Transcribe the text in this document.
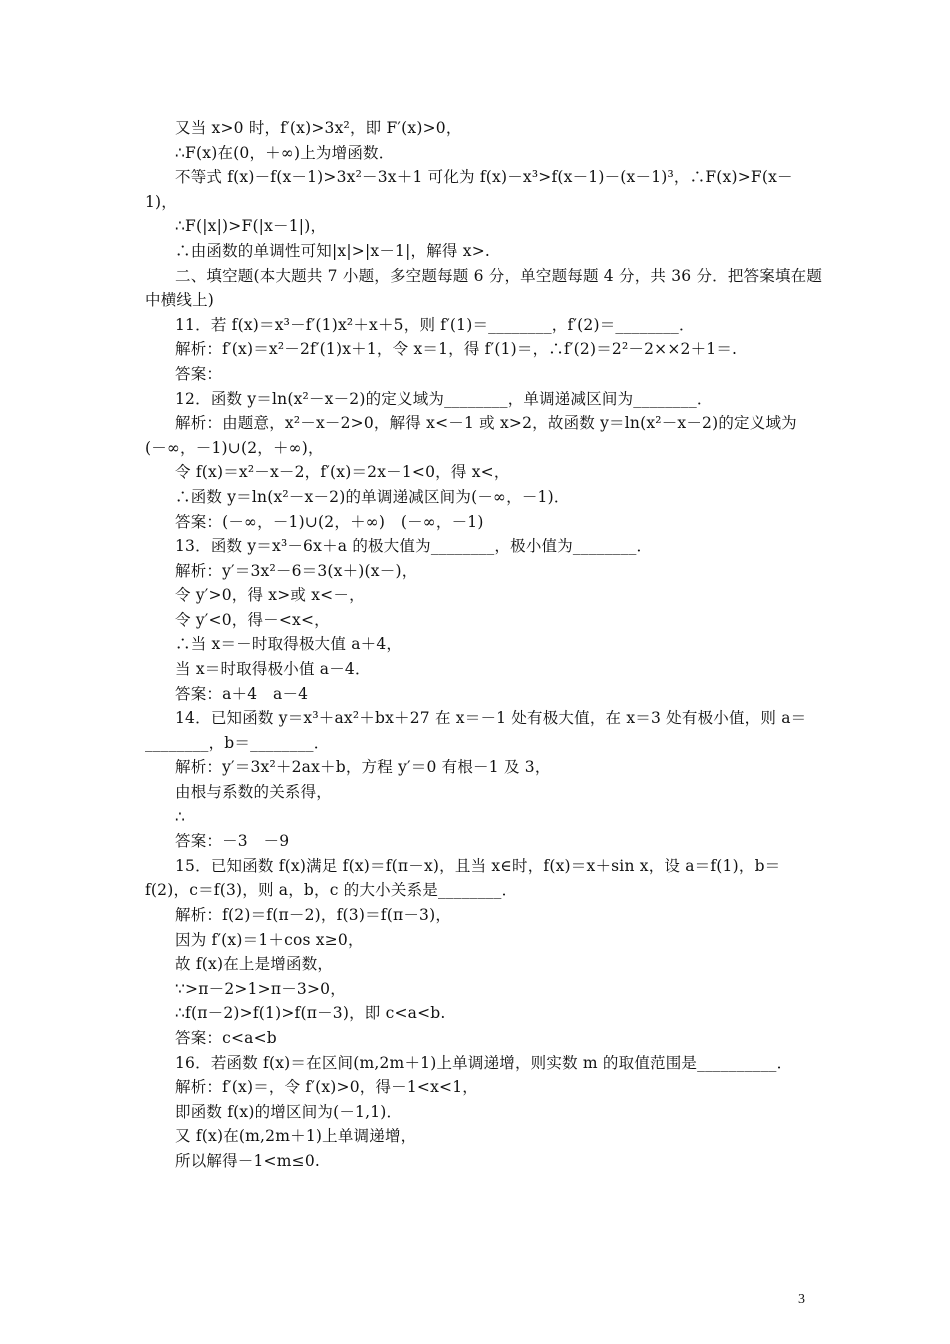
又当 x>0 时，f′(x)>3x²，即 F′(x)>0，
∴F(x)在(0，＋∞)上为增函数．
不等式 f(x)－f(x－1)>3x²－3x＋1 可化为 f(x)－x³>f(x－1)－(x－1)³，∴F(x)>F(x－
1)，
∴F(|x|)>F(|x－1|)，
∴由函数的单调性可知|x|>|x－1|，解得 x>.
二、填空题(本大题共 7 小题，多空题每题 6 分，单空题每题 4 分，共 36 分．把答案填在题
中横线上)
11．若 f(x)＝x³－f′(1)x²＋x＋5，则 f′(1)＝________，f′(2)＝________．
解析：f′(x)＝x²－2f′(1)x＋1，令 x＝1，得 f′(1)＝，∴f′(2)＝2²－2××2＋1＝.
答案：
12．函数 y＝ln(x²－x－2)的定义域为________，单调递减区间为________．
解析：由题意，x²－x－2>0，解得 x<－1 或 x>2，故函数 y＝ln(x²－x－2)的定义域为
(－∞，－1)∪(2，＋∞)，
令 f(x)＝x²－x－2，f′(x)＝2x－1<0，得 x<，
∴函数 y＝ln(x²－x－2)的单调递减区间为(－∞，－1)．
答案：(－∞，－1)∪(2，＋∞)　(－∞，－1)
13．函数 y＝x³－6x＋a 的极大值为________，极小值为________．
解析：y′＝3x²－6＝3(x＋)(x－)，
令 y′>0，得 x>或 x<－，
令 y′<0，得－<x<，
∴当 x＝－时取得极大值 a＋4，
当 x＝时取得极小值 a－4．
答案：a＋4　a－4
14．已知函数 y＝x³＋ax²＋bx＋27 在 x＝－1 处有极大值，在 x＝3 处有极小值，则 a＝
________，b＝________．
解析：y′＝3x²＋2ax＋b，方程 y′＝0 有根－1 及 3，
由根与系数的关系得，
∴
答案：－3　－9
15．已知函数 f(x)满足 f(x)＝f(π－x)，且当 x∈时，f(x)＝x＋sin x，设 a＝f(1)，b＝
f(2)，c＝f(3)，则 a，b，c 的大小关系是________．
解析：f(2)＝f(π－2)，f(3)＝f(π－3)，
因为 f′(x)＝1＋cos x≥0，
故 f(x)在上是增函数，
∵>π－2>1>π－3>0，
∴f(π－2)>f(1)>f(π－3)，即 c<a<b.
答案：c<a<b
16．若函数 f(x)＝在区间(m,2m＋1)上单调递增，则实数 m 的取值范围是__________．
解析：f′(x)＝，令 f′(x)>0，得－1<x<1，
即函数 f(x)的增区间为(－1,1)．
又 f(x)在(m,2m＋1)上单调递增，
所以解得－1<m≤0.
3
